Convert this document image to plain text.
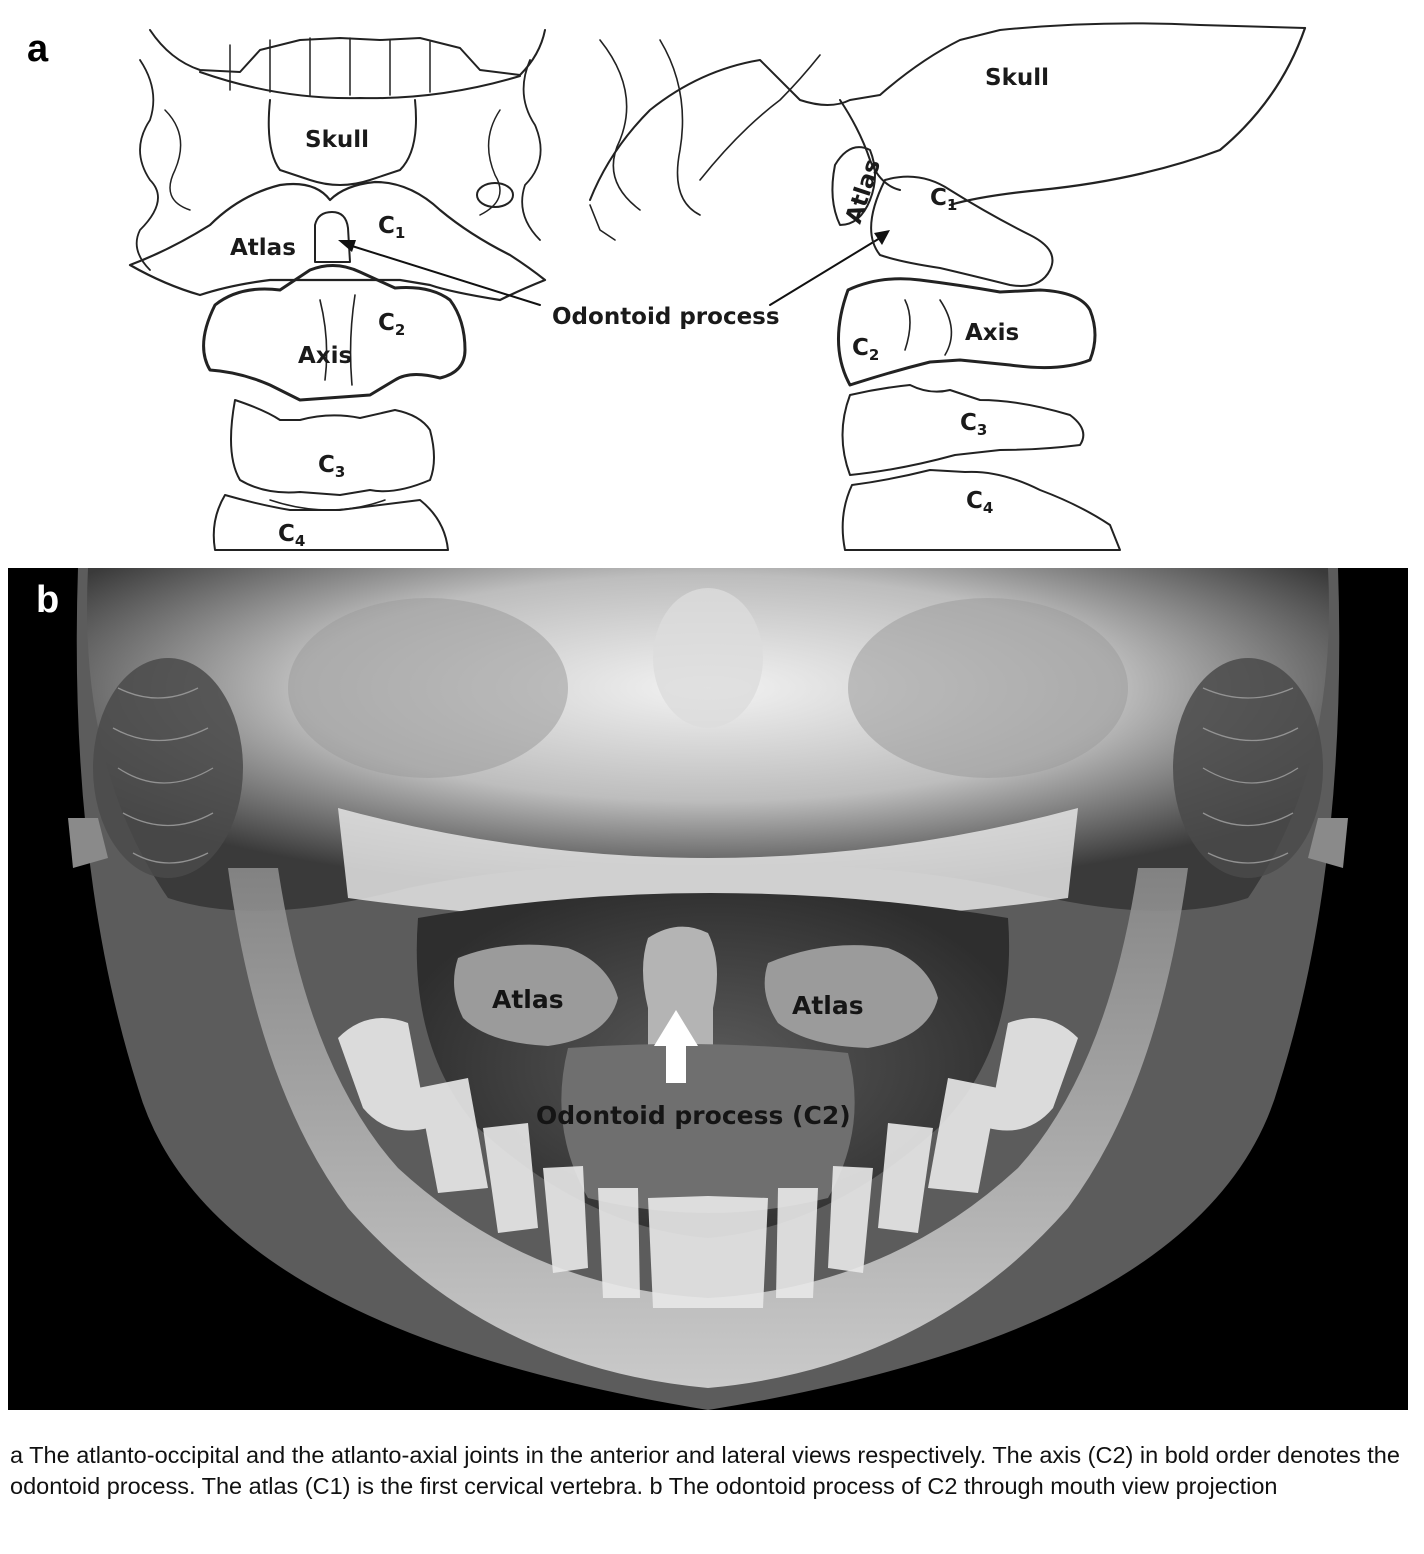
a
Skull
Atlas
$C_1$
$C_2$
Axis
$C_3$
$C_4$
Odontoid process
Skull
Atlas $C_1$
Axis
$C_2$
$C_3$
$C_4$
Atlas	Atlas
Odontoid process (C2)
b
a The atlanto-occipital and the atlanto-axial joints in the anterior and lateral views respectively. The axis (C2) in bold order denotes the odontoid process. The atlas (C1) is the first cervical vertebra. b The odontoid process of C2 through mouth view projection
